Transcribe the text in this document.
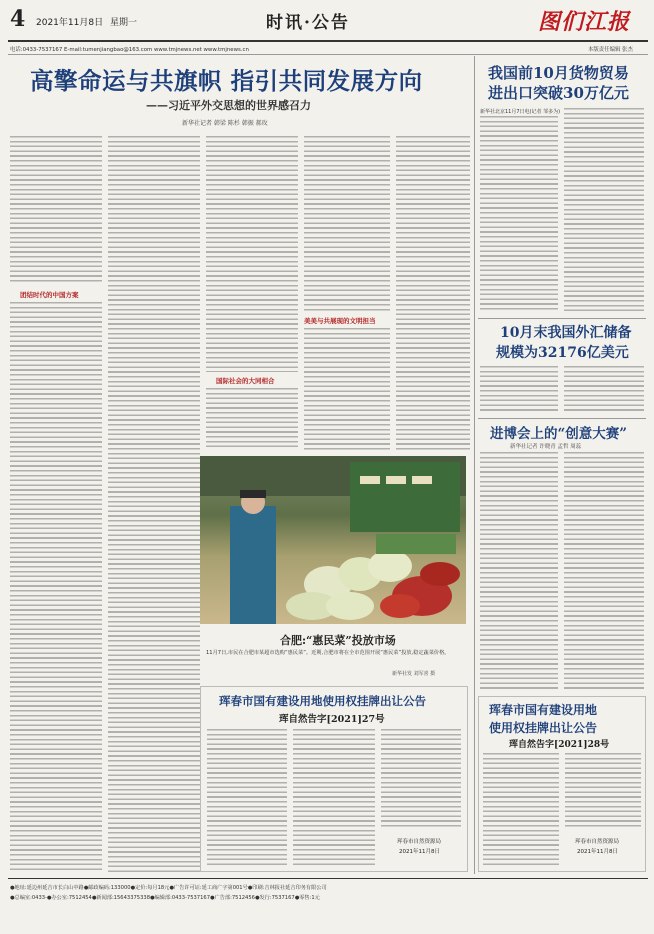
4 2021年11月8日 星期一	时讯·公告	图们江报
电话:0433-7537167 E-mail:tumenjiangbao@163.com www.tmjnews.net www.tmjnews.cn	本版责任编辑 张杰
高擎命运与共旗帜 指引共同发展方向
——习近平外交思想的世界感召力
新华社记者 韩梁 陈杉 韩振 郝玫
团结时代的中国方案
国际社会的大同相合
美美与共展现的文明担当
合肥:“惠民菜”投放市场
11月7日,市民在合肥市某超市选购“惠民菜”。近期,合肥市将在全市范围开展“惠民菜”投放,稳定蔬菜价格。
新华社发 刘军喜 摄
珲春市国有建设用地使用权挂牌出让公告
珲自然告字[2021]27号
珲春市自然资源局
2021年11月8日
我国前10月货物贸易
进出口突破30万亿元
新华社北京11月7日电(记者 邹多为)
10月末我国外汇储备
规模为32176亿美元
进博会上的“创意大赛”
新华社记者 许晓青 孟哲 周蕊
珲春市国有建设用地
使用权挂牌出让公告
珲自然告字[2021]28号
珲春市自然资源局
2021年11月8日
●地址:延边州延吉市长白山中路●邮政编码:133000●定价:每月18元●广告许可证:延工商广字第001号●印刷:吉林报社延吉印务有限公司
●总编室:0433-●办公室:7512454●新闻部:15643375338●编辑部:0433-7537167●广告部:7512456●发行:7537167●零售:1元
